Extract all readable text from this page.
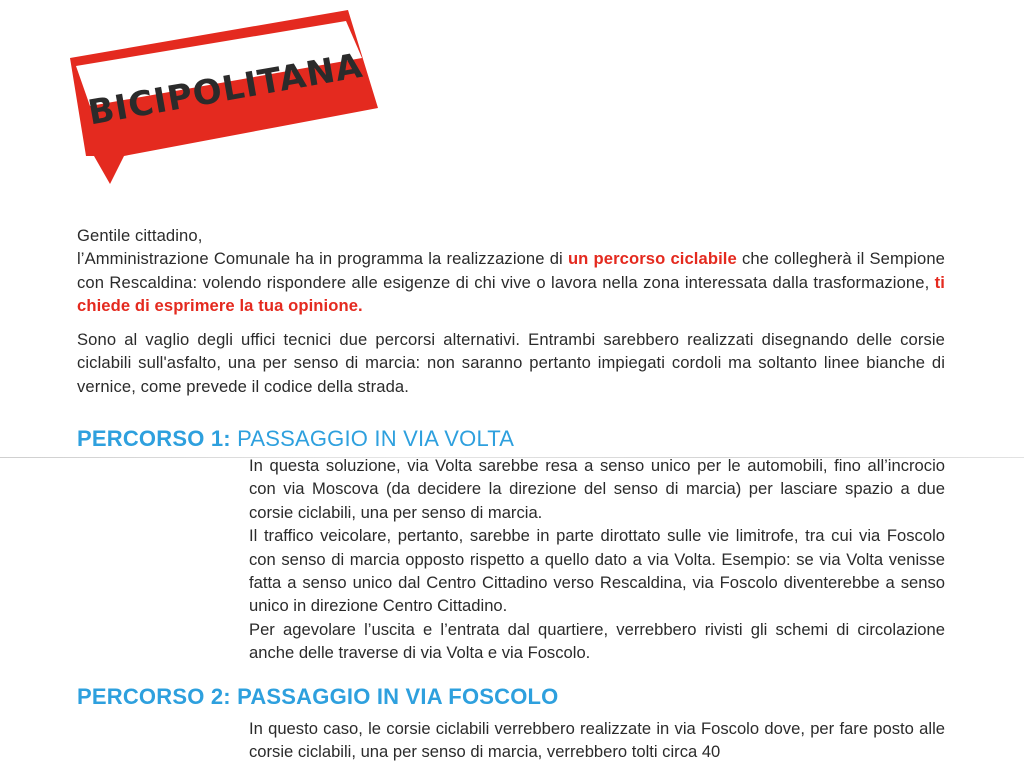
BICIPOLITANA
Gentile cittadino,
l’Amministrazione Comunale ha in programma la realizzazione di un percorso ciclabile che collegherà il Sempione con Rescaldina: volendo rispondere alle esigenze di chi vive o lavora nella zona interessata dalla trasformazione, ti chiede di esprimere la tua opinione.
Sono al vaglio degli uffici tecnici due percorsi alternativi. Entrambi sarebbero realizzati disegnando delle corsie ciclabili sull'asfalto, una per senso di marcia: non saranno pertanto impiegati cordoli ma soltanto linee bianche di vernice, come prevede il codice della strada.
PERCORSO 1: PASSAGGIO IN VIA VOLTA

In questa soluzione, via Volta sarebbe resa a senso unico per le automobili, fino all’incrocio con via Moscova (da decidere la direzione del senso di marcia) per lasciare spazio a due corsie ciclabili, una per senso di marcia.

Il traffico veicolare, pertanto, sarebbe in parte dirottato sulle vie limitrofe, tra cui via Foscolo con senso di marcia opposto rispetto a quello dato a via Volta. Esempio: se via Volta venisse fatta a senso unico dal Centro Cittadino verso Rescaldina, via Foscolo diventerebbe a senso unico in direzione Centro Cittadino.

Per agevolare l’uscita e l’entrata dal quartiere, verrebbero rivisti gli schemi di circolazione anche delle traverse di via Volta e via Foscolo.

PERCORSO 2: PASSAGGIO IN VIA FOSCOLO

In questo caso, le corsie ciclabili verrebbero realizzate in via Foscolo dove, per fare posto alle corsie ciclabili, una per senso di marcia, verrebbero tolti circa 40
